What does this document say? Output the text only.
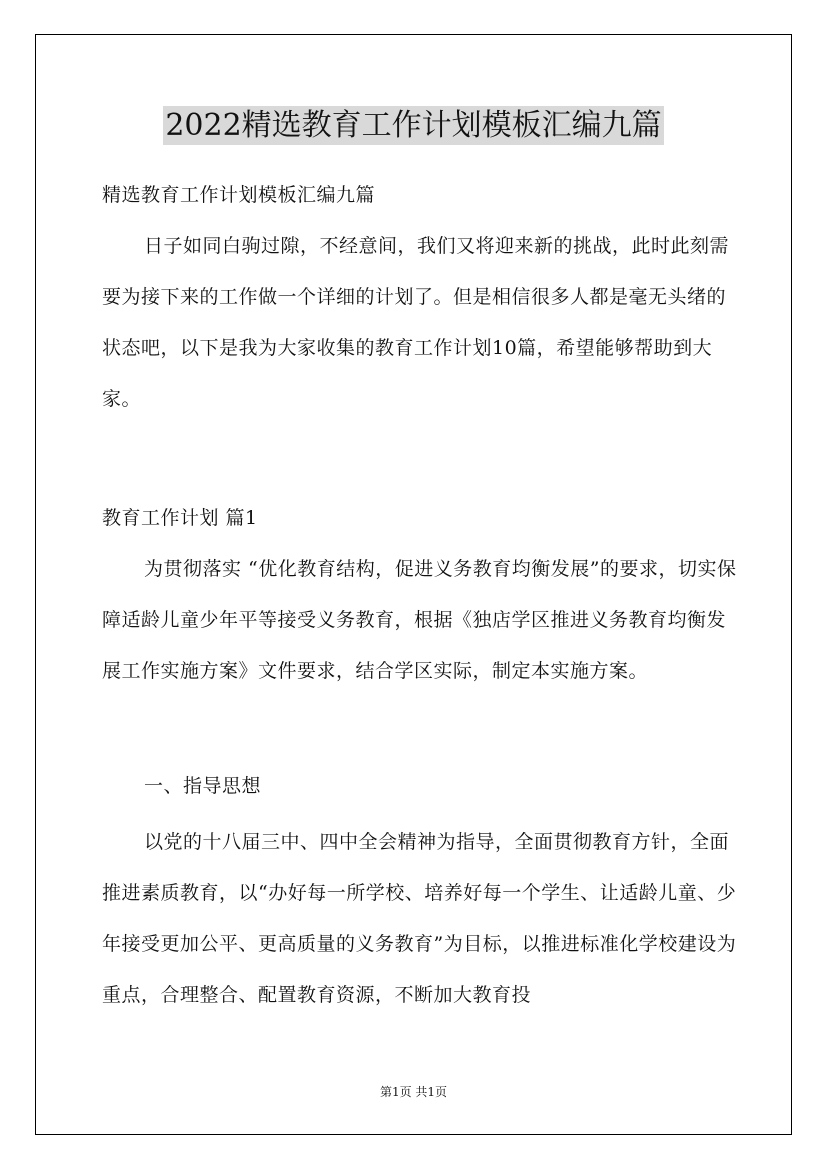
2022精选教育工作计划模板汇编九篇

精选教育工作计划模板汇编九篇

日子如同白驹过隙，不经意间，我们又将迎来新的挑战，此时此刻需要为接下来的工作做一个详细的计划了。但是相信很多人都是毫无头绪的状态吧，以下是我为大家收集的教育工作计划10篇，希望能够帮助到大家。

教育工作计划 篇1

为贯彻落实 “优化教育结构，促进义务教育均衡发展”的要求，切实保障适龄儿童少年平等接受义务教育，根据《独店学区推进义务教育均衡发展工作实施方案》文件要求，结合学区实际，制定本实施方案。

一、指导思想

以党的十八届三中、四中全会精神为指导，全面贯彻教育方针，全面推进素质教育，以“办好每一所学校、培养好每一个学生、让适龄儿童、少年接受更加公平、更高质量的义务教育”为目标，以推进标准化学校建设为重点，合理整合、配置教育资源，不断加大教育投

第1页 共1页
